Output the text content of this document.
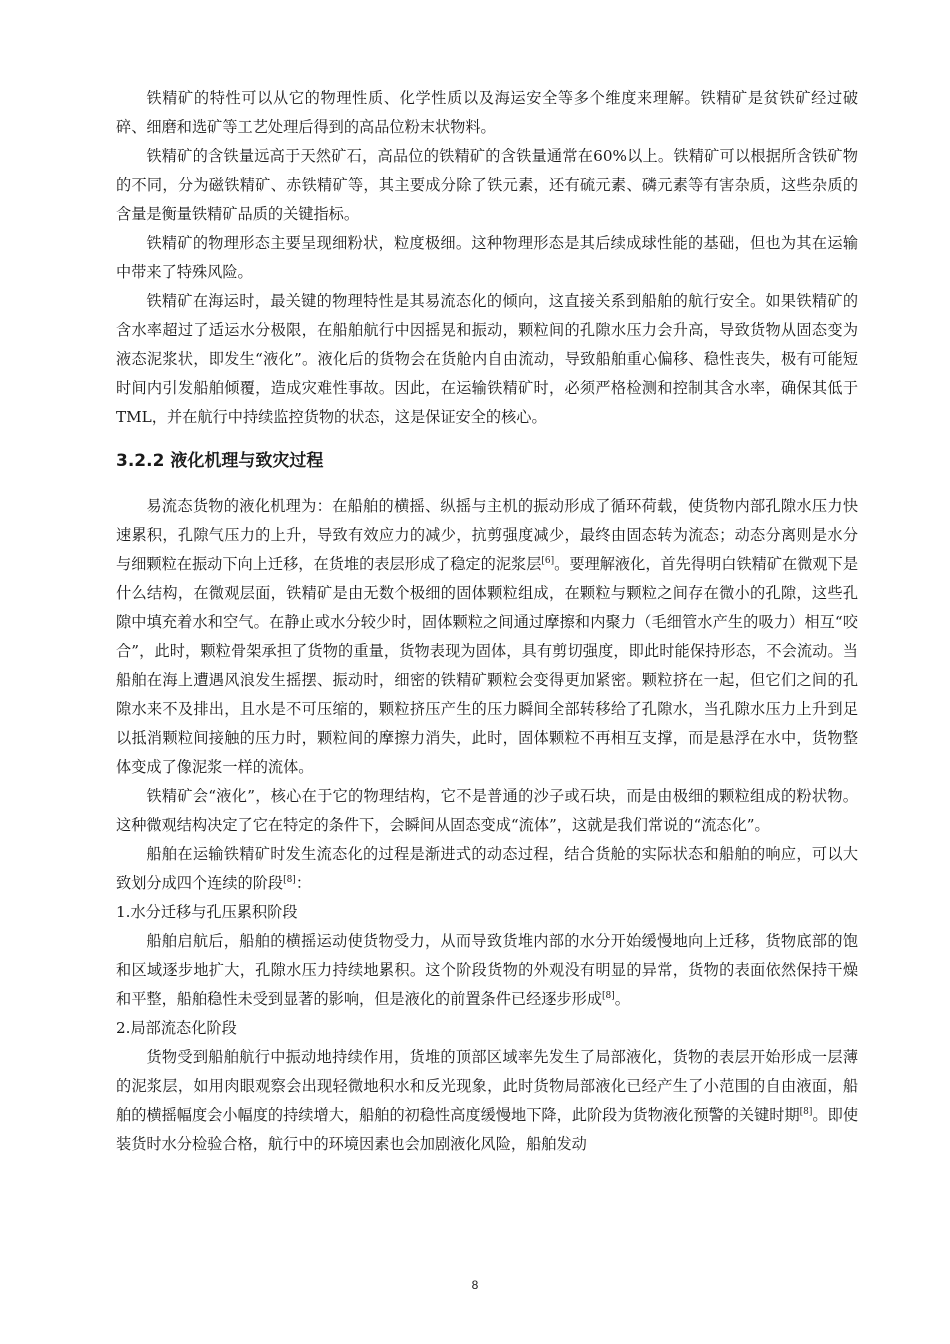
铁精矿的特性可以从它的物理性质、化学性质以及海运安全等多个维度来理解。铁精矿是贫铁矿经过破碎、细磨和选矿等工艺处理后得到的高品位粉末状物料。

铁精矿的含铁量远高于天然矿石，高品位的铁精矿的含铁量通常在60%以上。铁精矿可以根据所含铁矿物的不同，分为磁铁精矿、赤铁精矿等，其主要成分除了铁元素，还有硫元素、磷元素等有害杂质，这些杂质的含量是衡量铁精矿品质的关键指标。

铁精矿的物理形态主要呈现细粉状，粒度极细。这种物理形态是其后续成球性能的基础，但也为其在运输中带来了特殊风险。

铁精矿在海运时，最关键的物理特性是其易流态化的倾向，这直接关系到船舶的航行安全。如果铁精矿的含水率超过了适运水分极限，在船舶航行中因摇晃和振动，颗粒间的孔隙水压力会升高，导致货物从固态变为液态泥浆状，即发生“液化”。液化后的货物会在货舱内自由流动，导致船舶重心偏移、稳性丧失，极有可能短时间内引发船舶倾覆，造成灾难性事故。因此，在运输铁精矿时，必须严格检测和控制其含水率，确保其低于TML，并在航行中持续监控货物的状态，这是保证安全的核心。

3.2.2 液化机理与致灾过程

易流态货物的液化机理为：在船舶的横摇、纵摇与主机的振动形成了循环荷载，使货物内部孔隙水压力快速累积，孔隙气压力的上升，导致有效应力的减少，抗剪强度减少，最终由固态转为流态；动态分离则是水分与细颗粒在振动下向上迁移，在货堆的表层形成了稳定的泥浆层[6]。要理解液化，首先得明白铁精矿在微观下是什么结构，在微观层面，铁精矿是由无数个极细的固体颗粒组成，在颗粒与颗粒之间存在微小的孔隙，这些孔隙中填充着水和空气。在静止或水分较少时，固体颗粒之间通过摩擦和内聚力（毛细管水产生的吸力）相互“咬合”，此时，颗粒骨架承担了货物的重量，货物表现为固体，具有剪切强度，即此时能保持形态，不会流动。当船舶在海上遭遇风浪发生摇摆、振动时，细密的铁精矿颗粒会变得更加紧密。颗粒挤在一起，但它们之间的孔隙水来不及排出，且水是不可压缩的，颗粒挤压产生的压力瞬间全部转移给了孔隙水，当孔隙水压力上升到足以抵消颗粒间接触的压力时，颗粒间的摩擦力消失，此时，固体颗粒不再相互支撑，而是悬浮在水中，货物整体变成了像泥浆一样的流体。

铁精矿会“液化”，核心在于它的物理结构，它不是普通的沙子或石块，而是由极细的颗粒组成的粉状物。这种微观结构决定了它在特定的条件下，会瞬间从固态变成“流体”，这就是我们常说的“流态化”。

船舶在运输铁精矿时发生流态化的过程是渐进式的动态过程，结合货舱的实际状态和船舶的响应，可以大致划分成四个连续的阶段[8]：

1.水分迁移与孔压累积阶段

船舶启航后，船舶的横摇运动使货物受力，从而导致货堆内部的水分开始缓慢地向上迁移，货物底部的饱和区域逐步地扩大，孔隙水压力持续地累积。这个阶段货物的外观没有明显的异常，货物的表面依然保持干燥和平整，船舶稳性未受到显著的影响，但是液化的前置条件已经逐步形成[8]。

2.局部流态化阶段

货物受到船舶航行中振动地持续作用，货堆的顶部区域率先发生了局部液化，货物的表层开始形成一层薄的泥浆层，如用肉眼观察会出现轻微地积水和反光现象，此时货物局部液化已经产生了小范围的自由液面，船舶的横摇幅度会小幅度的持续增大，船舶的初稳性高度缓慢地下降，此阶段为货物液化预警的关键时期[8]。即使装货时水分检验合格，航行中的环境因素也会加剧液化风险，船舶发动

8
